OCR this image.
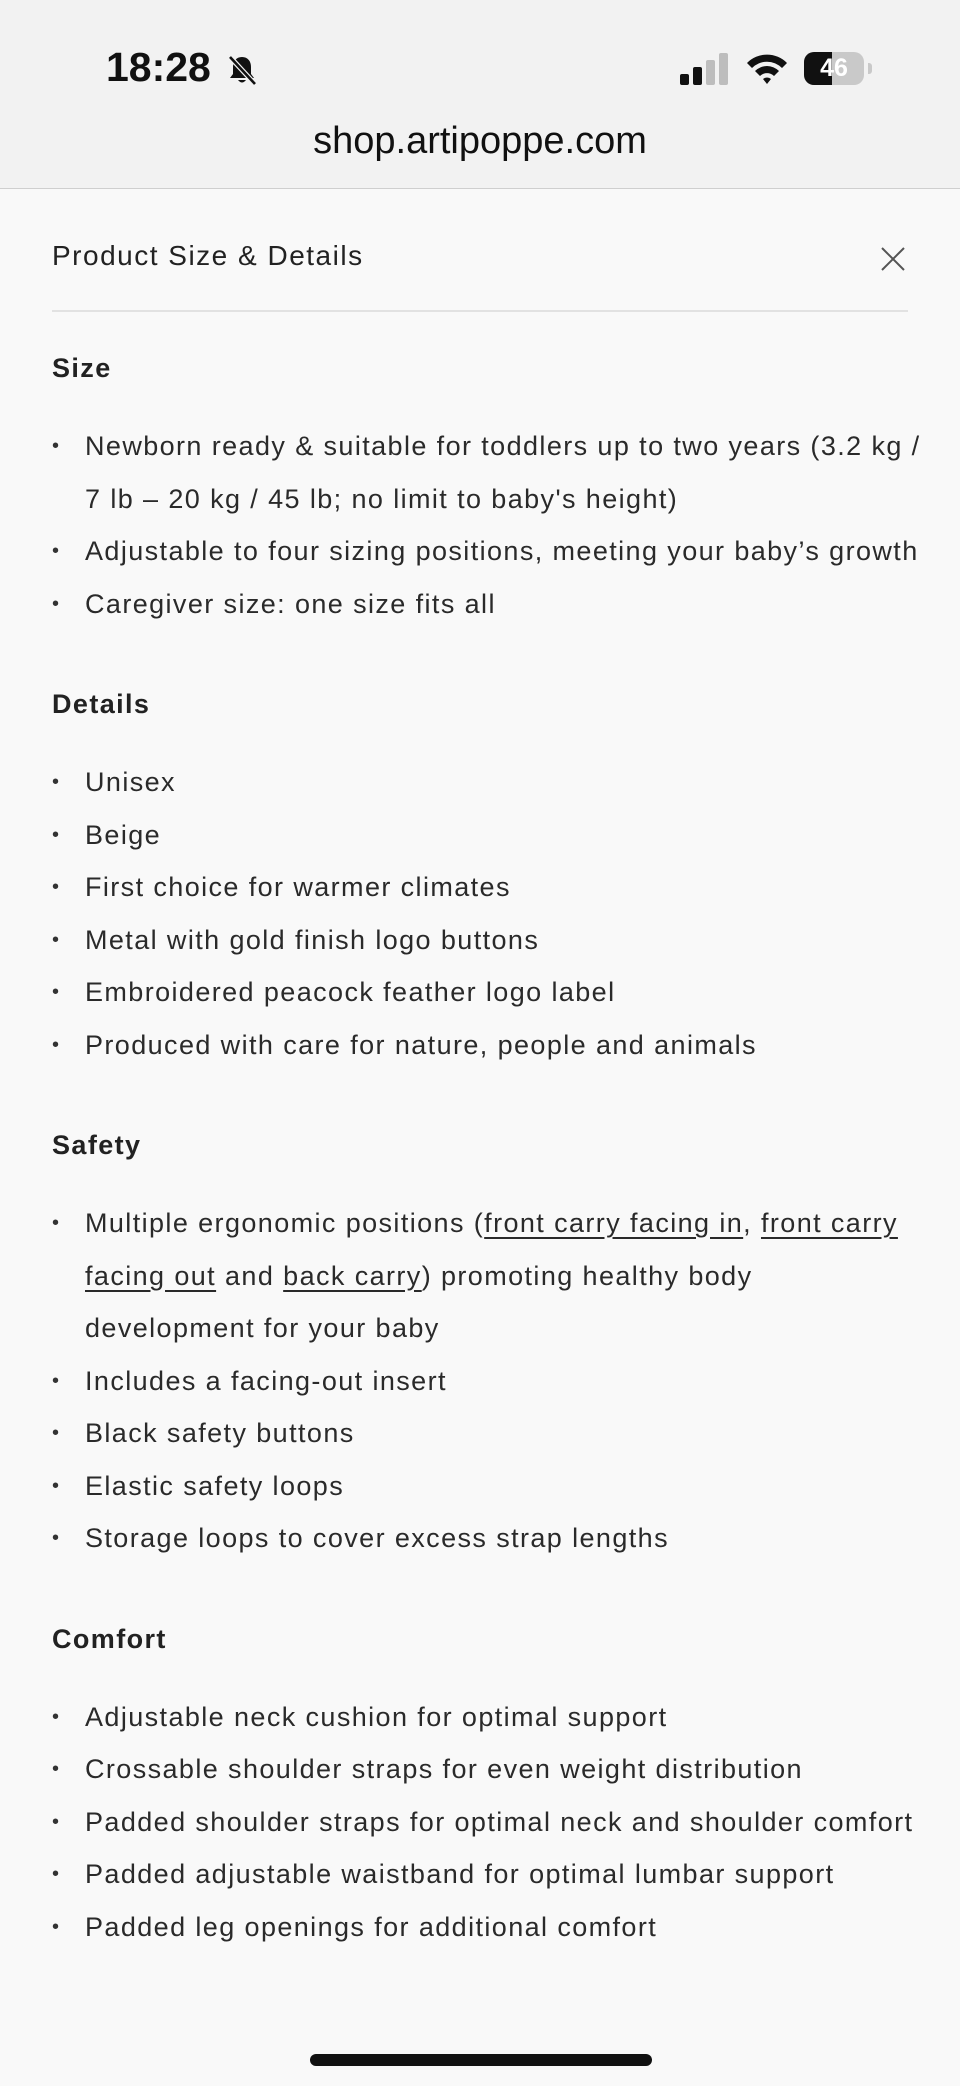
18:28	46
shop.artipoppe.com
Product Size & Details
Size
• Newborn ready & suitable for toddlers up to two years (3.2 kg / 7 lb – 20 kg / 45 lb; no limit to baby's height)
• Adjustable to four sizing positions, meeting your baby’s growth
• Caregiver size: one size fits all
Details
• Unisex
• Beige
• First choice for warmer climates
• Metal with gold finish logo buttons
• Embroidered peacock feather logo label
• Produced with care for nature, people and animals
Safety
• Multiple ergonomic positions (front carry facing in, front carry facing out and back carry) promoting healthy body development for your baby
• Includes a facing-out insert
• Black safety buttons
• Elastic safety loops
• Storage loops to cover excess strap lengths
Comfort
• Adjustable neck cushion for optimal support
• Crossable shoulder straps for even weight distribution
• Padded shoulder straps for optimal neck and shoulder comfort
• Padded adjustable waistband for optimal lumbar support
• Padded leg openings for additional comfort
